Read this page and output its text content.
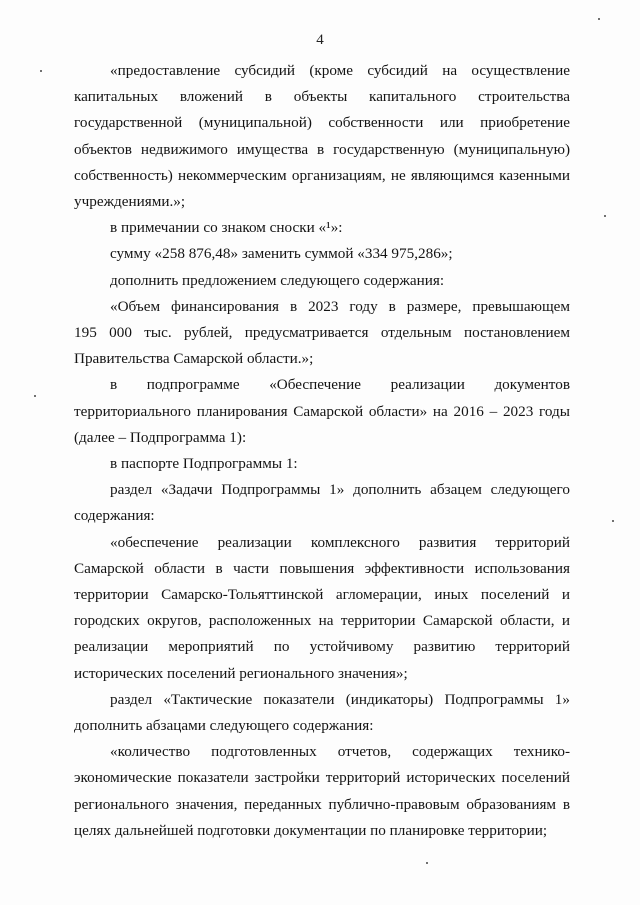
4
«предоставление субсидий (кроме субсидий на осуществление
капитальных вложений в объекты капитального строительства
государственной (муниципальной) собственности или приобретение
объектов недвижимого имущества в государственную (муниципальную)
собственность) некоммерческим организациям, не являющимся казенными
учреждениями.»;
в примечании со знаком сноски «¹»:
сумму «258 876,48» заменить суммой «334 975,286»;
дополнить предложением следующего содержания:
«Объем финансирования в 2023 году в размере, превышающем
195 000 тыс. рублей, предусматривается отдельным постановлением
Правительства Самарской области.»;
в подпрограмме «Обеспечение реализации документов
территориального планирования Самарской области» на 2016 – 2023 годы
(далее – Подпрограмма 1):
в паспорте Подпрограммы 1:
раздел «Задачи Подпрограммы 1» дополнить абзацем следующего
содержания:
«обеспечение реализации комплексного развития территорий
Самарской области в части повышения эффективности использования
территории Самарско-Тольяттинской агломерации, иных поселений и
городских округов, расположенных на территории Самарской области, и
реализации мероприятий по устойчивому развитию территорий
исторических поселений регионального значения»;
раздел «Тактические показатели (индикаторы) Подпрограммы 1»
дополнить абзацами следующего содержания:
«количество подготовленных отчетов, содержащих технико-
экономические показатели застройки территорий исторических поселений
регионального значения, переданных публично-правовым образованиям в
целях дальнейшей подготовки документации по планировке территории;
